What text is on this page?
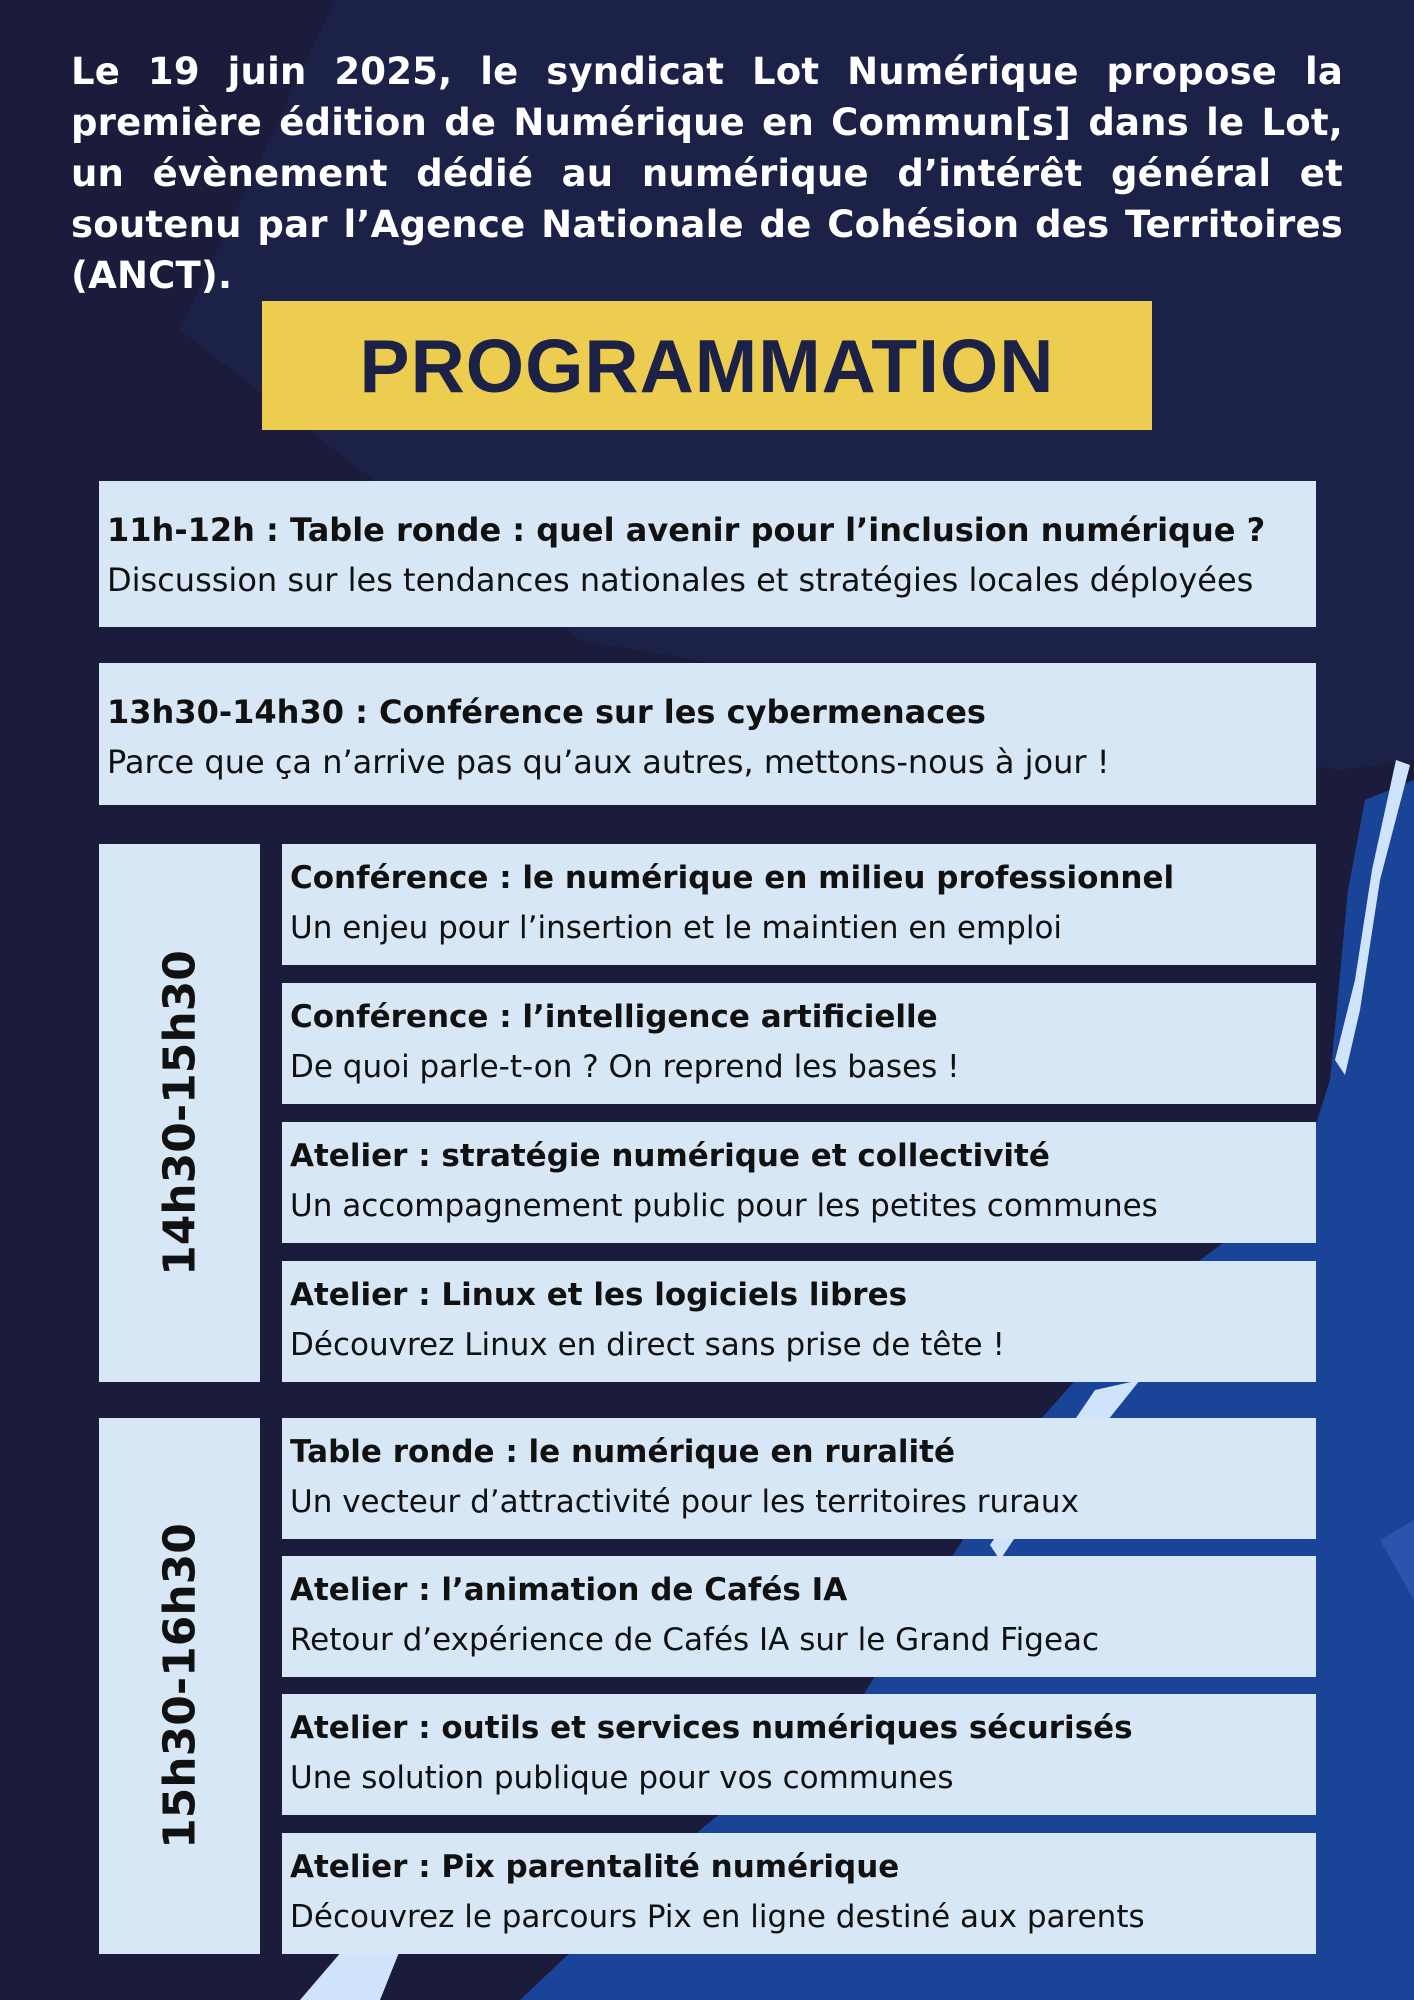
Le 19 juin 2025, le syndicat Lot Numérique propose la première édition de Numérique en Commun[s] dans le Lot, un évènement dédié au numérique d’intérêt général et soutenu par l’Agence Nationale de Cohésion des Territoires (ANCT).

PROGRAMMATION
11h-12h : Table ronde : quel avenir pour l’inclusion numérique ?
Discussion sur les tendances nationales et stratégies locales déployées
13h30-14h30 : Conférence sur les cybermenaces
Parce que ça n’arrive pas qu’aux autres, mettons-nous à jour !
14h30-15h30
Conférence : le numérique en milieu professionnel
Un enjeu pour l’insertion et le maintien en emploi
Conférence : l’intelligence artificielle
De quoi parle-t-on ? On reprend les bases !
Atelier : stratégie numérique et collectivité
Un accompagnement public pour les petites communes
Atelier : Linux et les logiciels libres
Découvrez Linux en direct sans prise de tête !
15h30-16h30
Table ronde : le numérique en ruralité
Un vecteur d’attractivité pour les territoires ruraux
Atelier : l’animation de Cafés IA
Retour d’expérience de Cafés IA sur le Grand Figeac
Atelier : outils et services numériques sécurisés
Une solution publique pour vos communes
Atelier : Pix parentalité numérique
Découvrez le parcours Pix en ligne destiné aux parents
